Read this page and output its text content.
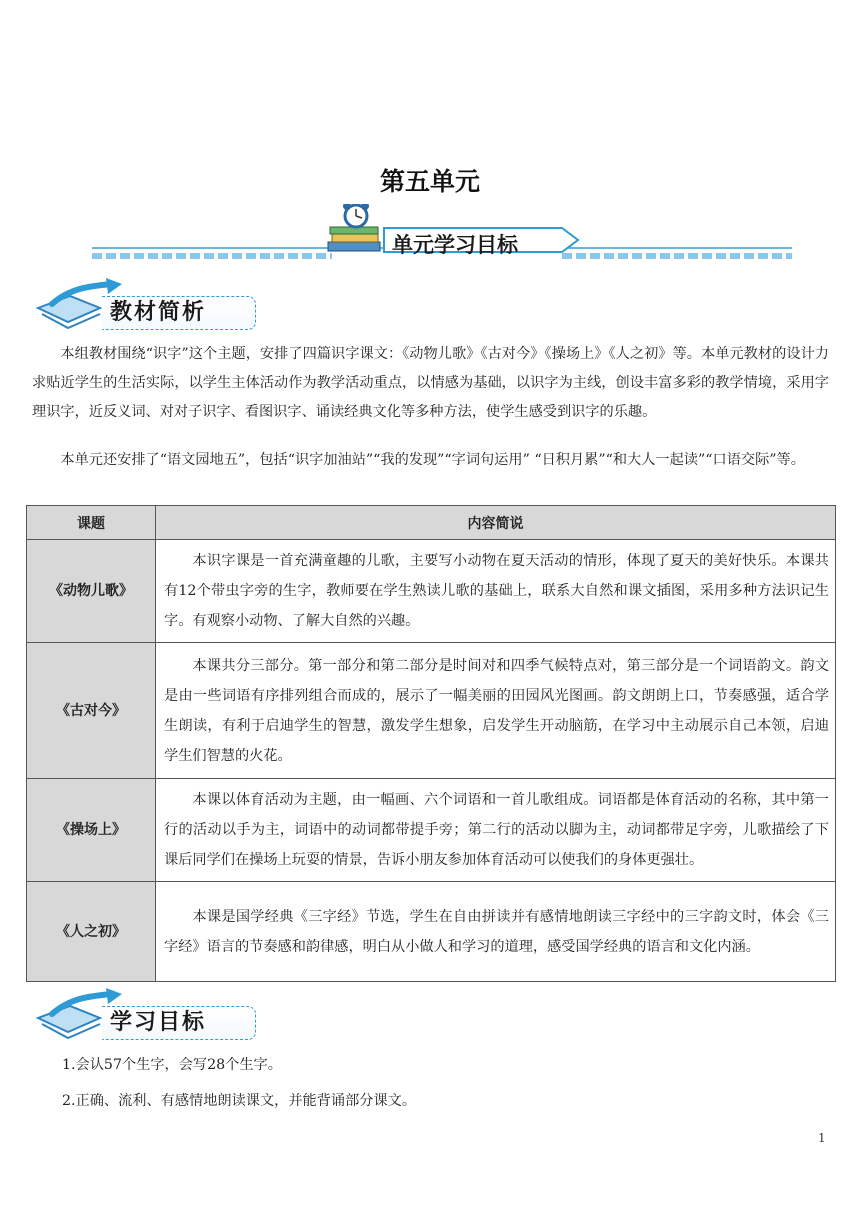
第五单元
单元学习目标
教材简析

本组教材围绕“识字”这个主题，安排了四篇识字课文：《动物儿歌》《古对今》《操场上》《人之初》等。本单元教材的设计力求贴近学生的生活实际，以学生主体活动作为教学活动重点，以情感为基础，以识字为主线，创设丰富多彩的教学情境，采用字理识字，近反义词、对对子识字、看图识字、诵读经典文化等多种方法，使学生感受到识字的乐趣。

本单元还安排了“语文园地五”，包括“识字加油站”“我的发现”“字词句运用” “日积月累”“和大人一起读”“口语交际”等。

课题	内容简说
《动物儿歌》	本识字课是一首充满童趣的儿歌，主要写小动物在夏天活动的情形，体现了夏天的美好快乐。本课共有12个带虫字旁的生字，教师要在学生熟读儿歌的基础上，联系大自然和课文插图，采用多种方法识记生字。有观察小动物、了解大自然的兴趣。
《古对今》	本课共分三部分。第一部分和第二部分是时间对和四季气候特点对，第三部分是一个词语韵文。韵文是由一些词语有序排列组合而成的，展示了一幅美丽的田园风光图画。韵文朗朗上口，节奏感强，适合学生朗读，有利于启迪学生的智慧，激发学生想象，启发学生开动脑筋，在学习中主动展示自己本领，启迪学生们智慧的火花。
《操场上》	本课以体育活动为主题，由一幅画、六个词语和一首儿歌组成。词语都是体育活动的名称，其中第一行的活动以手为主，词语中的动词都带提手旁；第二行的活动以脚为主，动词都带足字旁，儿歌描绘了下课后同学们在操场上玩耍的情景，告诉小朋友参加体育活动可以使我们的身体更强壮。
《人之初》	本课是国学经典《三字经》节选，学生在自由拼读并有感情地朗读三字经中的三字韵文时，体会《三字经》语言的节奏感和韵律感，明白从小做人和学习的道理，感受国学经典的语言和文化内涵。
学习目标
1.会认57个生字，会写28个生字。
2.正确、流利、有感情地朗读课文，并能背诵部分课文。
1
